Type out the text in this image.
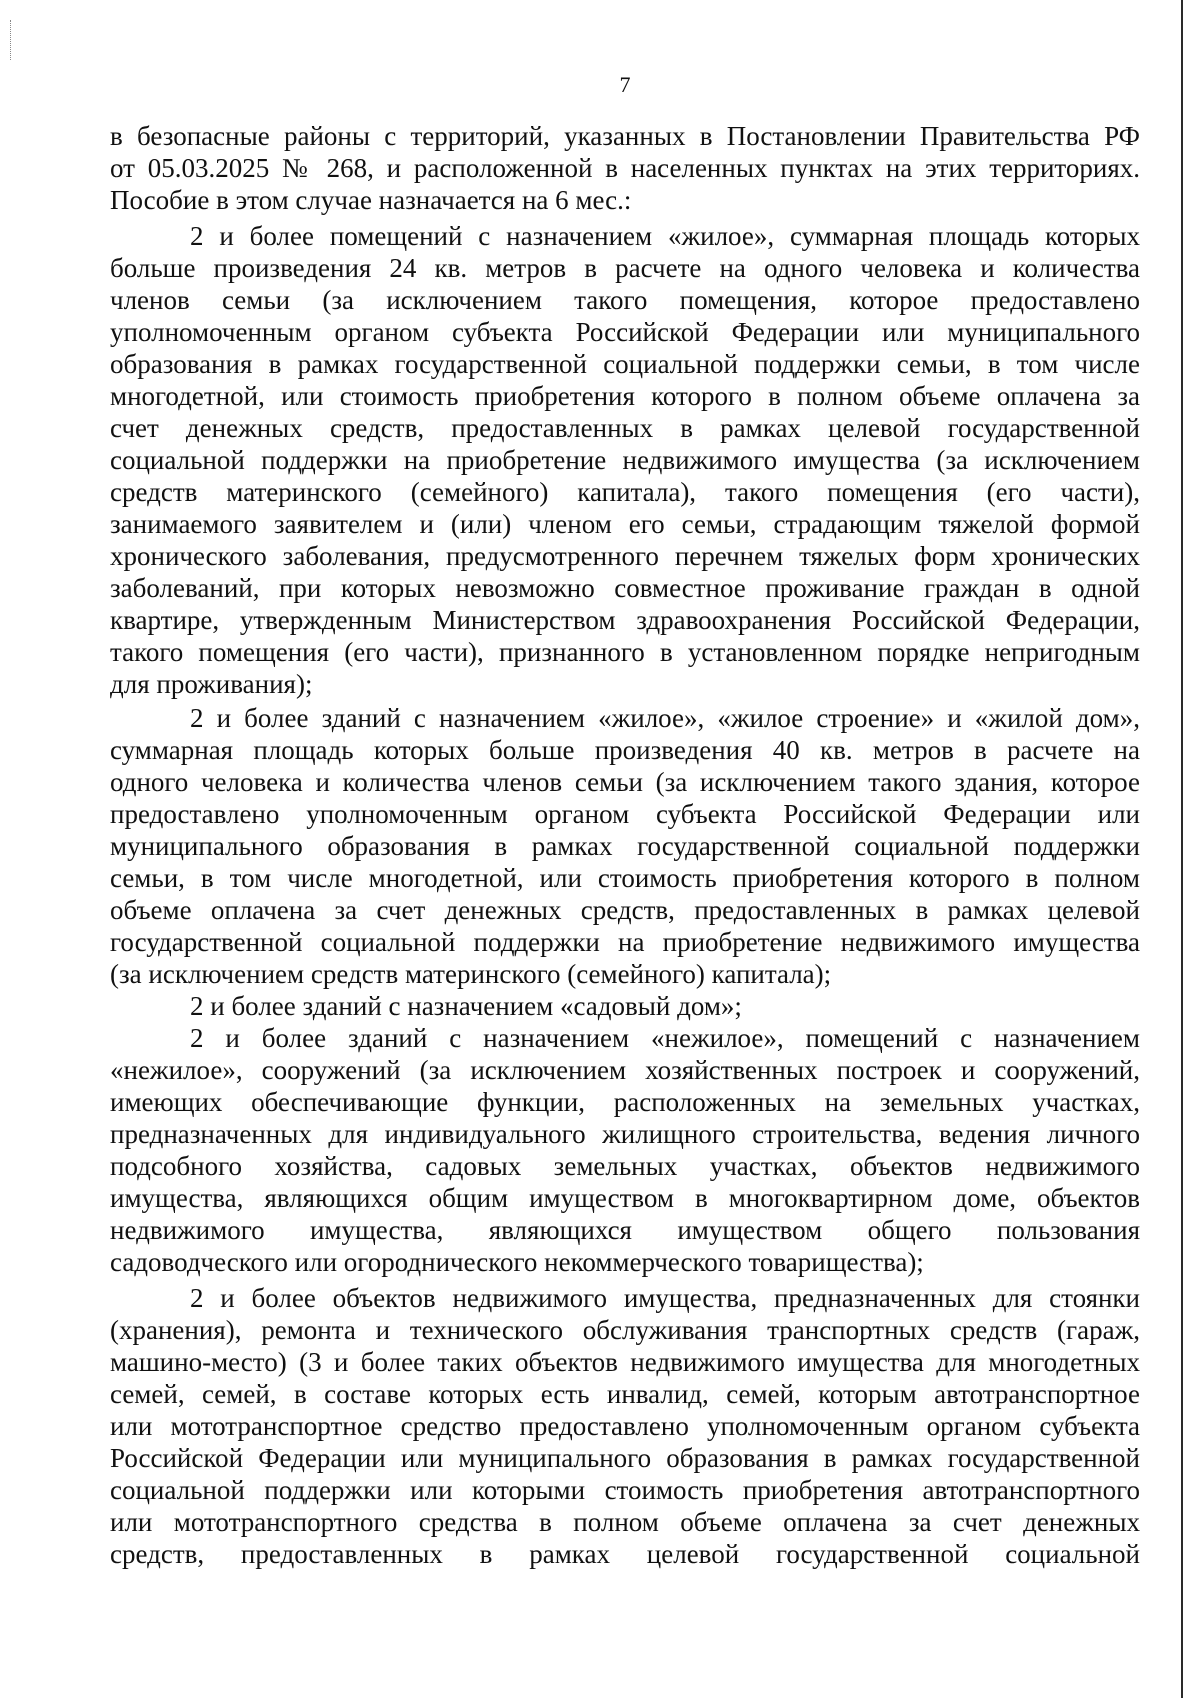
7
в безопасные районы с территорий, указанных в Постановлении Правительства РФ
от 05.03.2025 № 268, и расположенной в населенных пунктах на этих территориях.
Пособие в этом случае назначается на 6 мес.:
2 и более помещений с назначением «жилое», суммарная площадь которых
больше произведения 24 кв. метров в расчете на одного человека и количества
членов семьи (за исключением такого помещения, которое предоставлено
уполномоченным органом субъекта Российской Федерации или муниципального
образования в рамках государственной социальной поддержки семьи, в том числе
многодетной, или стоимость приобретения которого в полном объеме оплачена за
счет денежных средств, предоставленных в рамках целевой государственной
социальной поддержки на приобретение недвижимого имущества (за исключением
средств материнского (семейного) капитала), такого помещения (его части),
занимаемого заявителем и (или) членом его семьи, страдающим тяжелой формой
хронического заболевания, предусмотренного перечнем тяжелых форм хронических
заболеваний, при которых невозможно совместное проживание граждан в одной
квартире, утвержденным Министерством здравоохранения Российской Федерации,
такого помещения (его части), признанного в установленном порядке непригодным
для проживания);
2 и более зданий с назначением «жилое», «жилое строение» и «жилой дом»,
суммарная площадь которых больше произведения 40 кв. метров в расчете на
одного человека и количества членов семьи (за исключением такого здания, которое
предоставлено уполномоченным органом субъекта Российской Федерации или
муниципального образования в рамках государственной социальной поддержки
семьи, в том числе многодетной, или стоимость приобретения которого в полном
объеме оплачена за счет денежных средств, предоставленных в рамках целевой
государственной социальной поддержки на приобретение недвижимого имущества
(за исключением средств материнского (семейного) капитала);
2 и более зданий с назначением «садовый дом»;
2 и более зданий с назначением «нежилое», помещений с назначением
«нежилое», сооружений (за исключением хозяйственных построек и сооружений,
имеющих обеспечивающие функции, расположенных на земельных участках,
предназначенных для индивидуального жилищного строительства, ведения личного
подсобного хозяйства, садовых земельных участках, объектов недвижимого
имущества, являющихся общим имуществом в многоквартирном доме, объектов
недвижимого имущества, являющихся имуществом общего пользования
садоводческого или огороднического некоммерческого товарищества);
2 и более объектов недвижимого имущества, предназначенных для стоянки
(хранения), ремонта и технического обслуживания транспортных средств (гараж,
машино-место) (3 и более таких объектов недвижимого имущества для многодетных
семей, семей, в составе которых есть инвалид, семей, которым автотранспортное
или мототранспортное средство предоставлено уполномоченным органом субъекта
Российской Федерации или муниципального образования в рамках государственной
социальной поддержки или которыми стоимость приобретения автотранспортного
или мототранспортного средства в полном объеме оплачена за счет денежных
средств, предоставленных в рамках целевой государственной социальной
